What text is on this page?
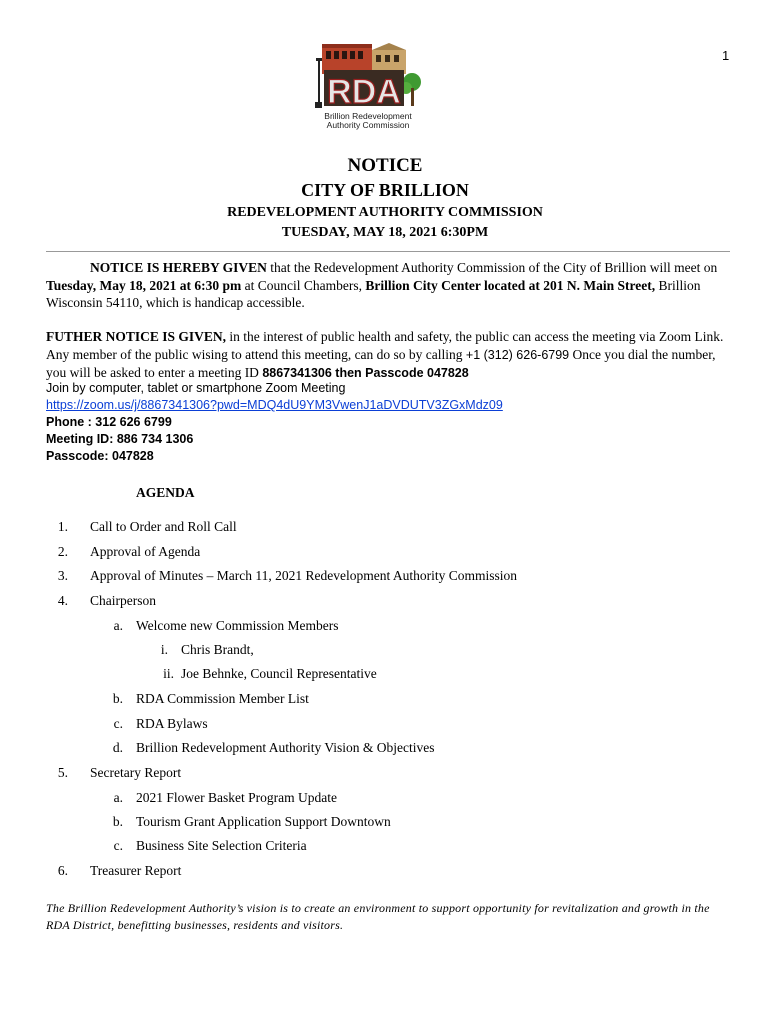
1
RDA
Brillion Redevelopment
Authority Commission
NOTICE
CITY OF BRILLION
REDEVELOPMENT AUTHORITY COMMISSION
TUESDAY, MAY 18, 2021 6:30PM
NOTICE IS HEREBY GIVEN that the Redevelopment Authority Commission of the City of Brillion will meet on Tuesday, May 18, 2021 at 6:30 pm at Council Chambers, Brillion City Center located at 201 N. Main Street, Brillion Wisconsin 54110, which is handicap accessible.
FUTHER NOTICE IS GIVEN, in the interest of public health and safety, the public can access the meeting via Zoom Link. Any member of the public wising to attend this meeting, can do so by calling +1 (312) 626-6799 Once you dial the number, you will be asked to enter a meeting ID 8867341306 then Passcode 047828
Join by computer, tablet or smartphone Zoom Meeting
https://zoom.us/j/8867341306?pwd=MDQ4dU9YM3VwenJ1aDVDUTV3ZGxMdz09
Phone : 312 626 6799
Meeting ID: 886 734 1306
Passcode: 047828
AGENDA
1. Call to Order and Roll Call
2. Approval of Agenda
3. Approval of Minutes – March 11, 2021 Redevelopment Authority Commission
4. Chairperson
a. Welcome new Commission Members
i. Chris Brandt,
ii. Joe Behnke, Council Representative
b. RDA Commission Member List
c. RDA Bylaws
d. Brillion Redevelopment Authority Vision & Objectives
5. Secretary Report
a. 2021 Flower Basket Program Update
b. Tourism Grant Application Support Downtown
c. Business Site Selection Criteria
6. Treasurer Report
The Brillion Redevelopment Authority’s vision is to create an environment to support opportunity for revitalization and growth in the RDA District, benefitting businesses, residents and visitors.
